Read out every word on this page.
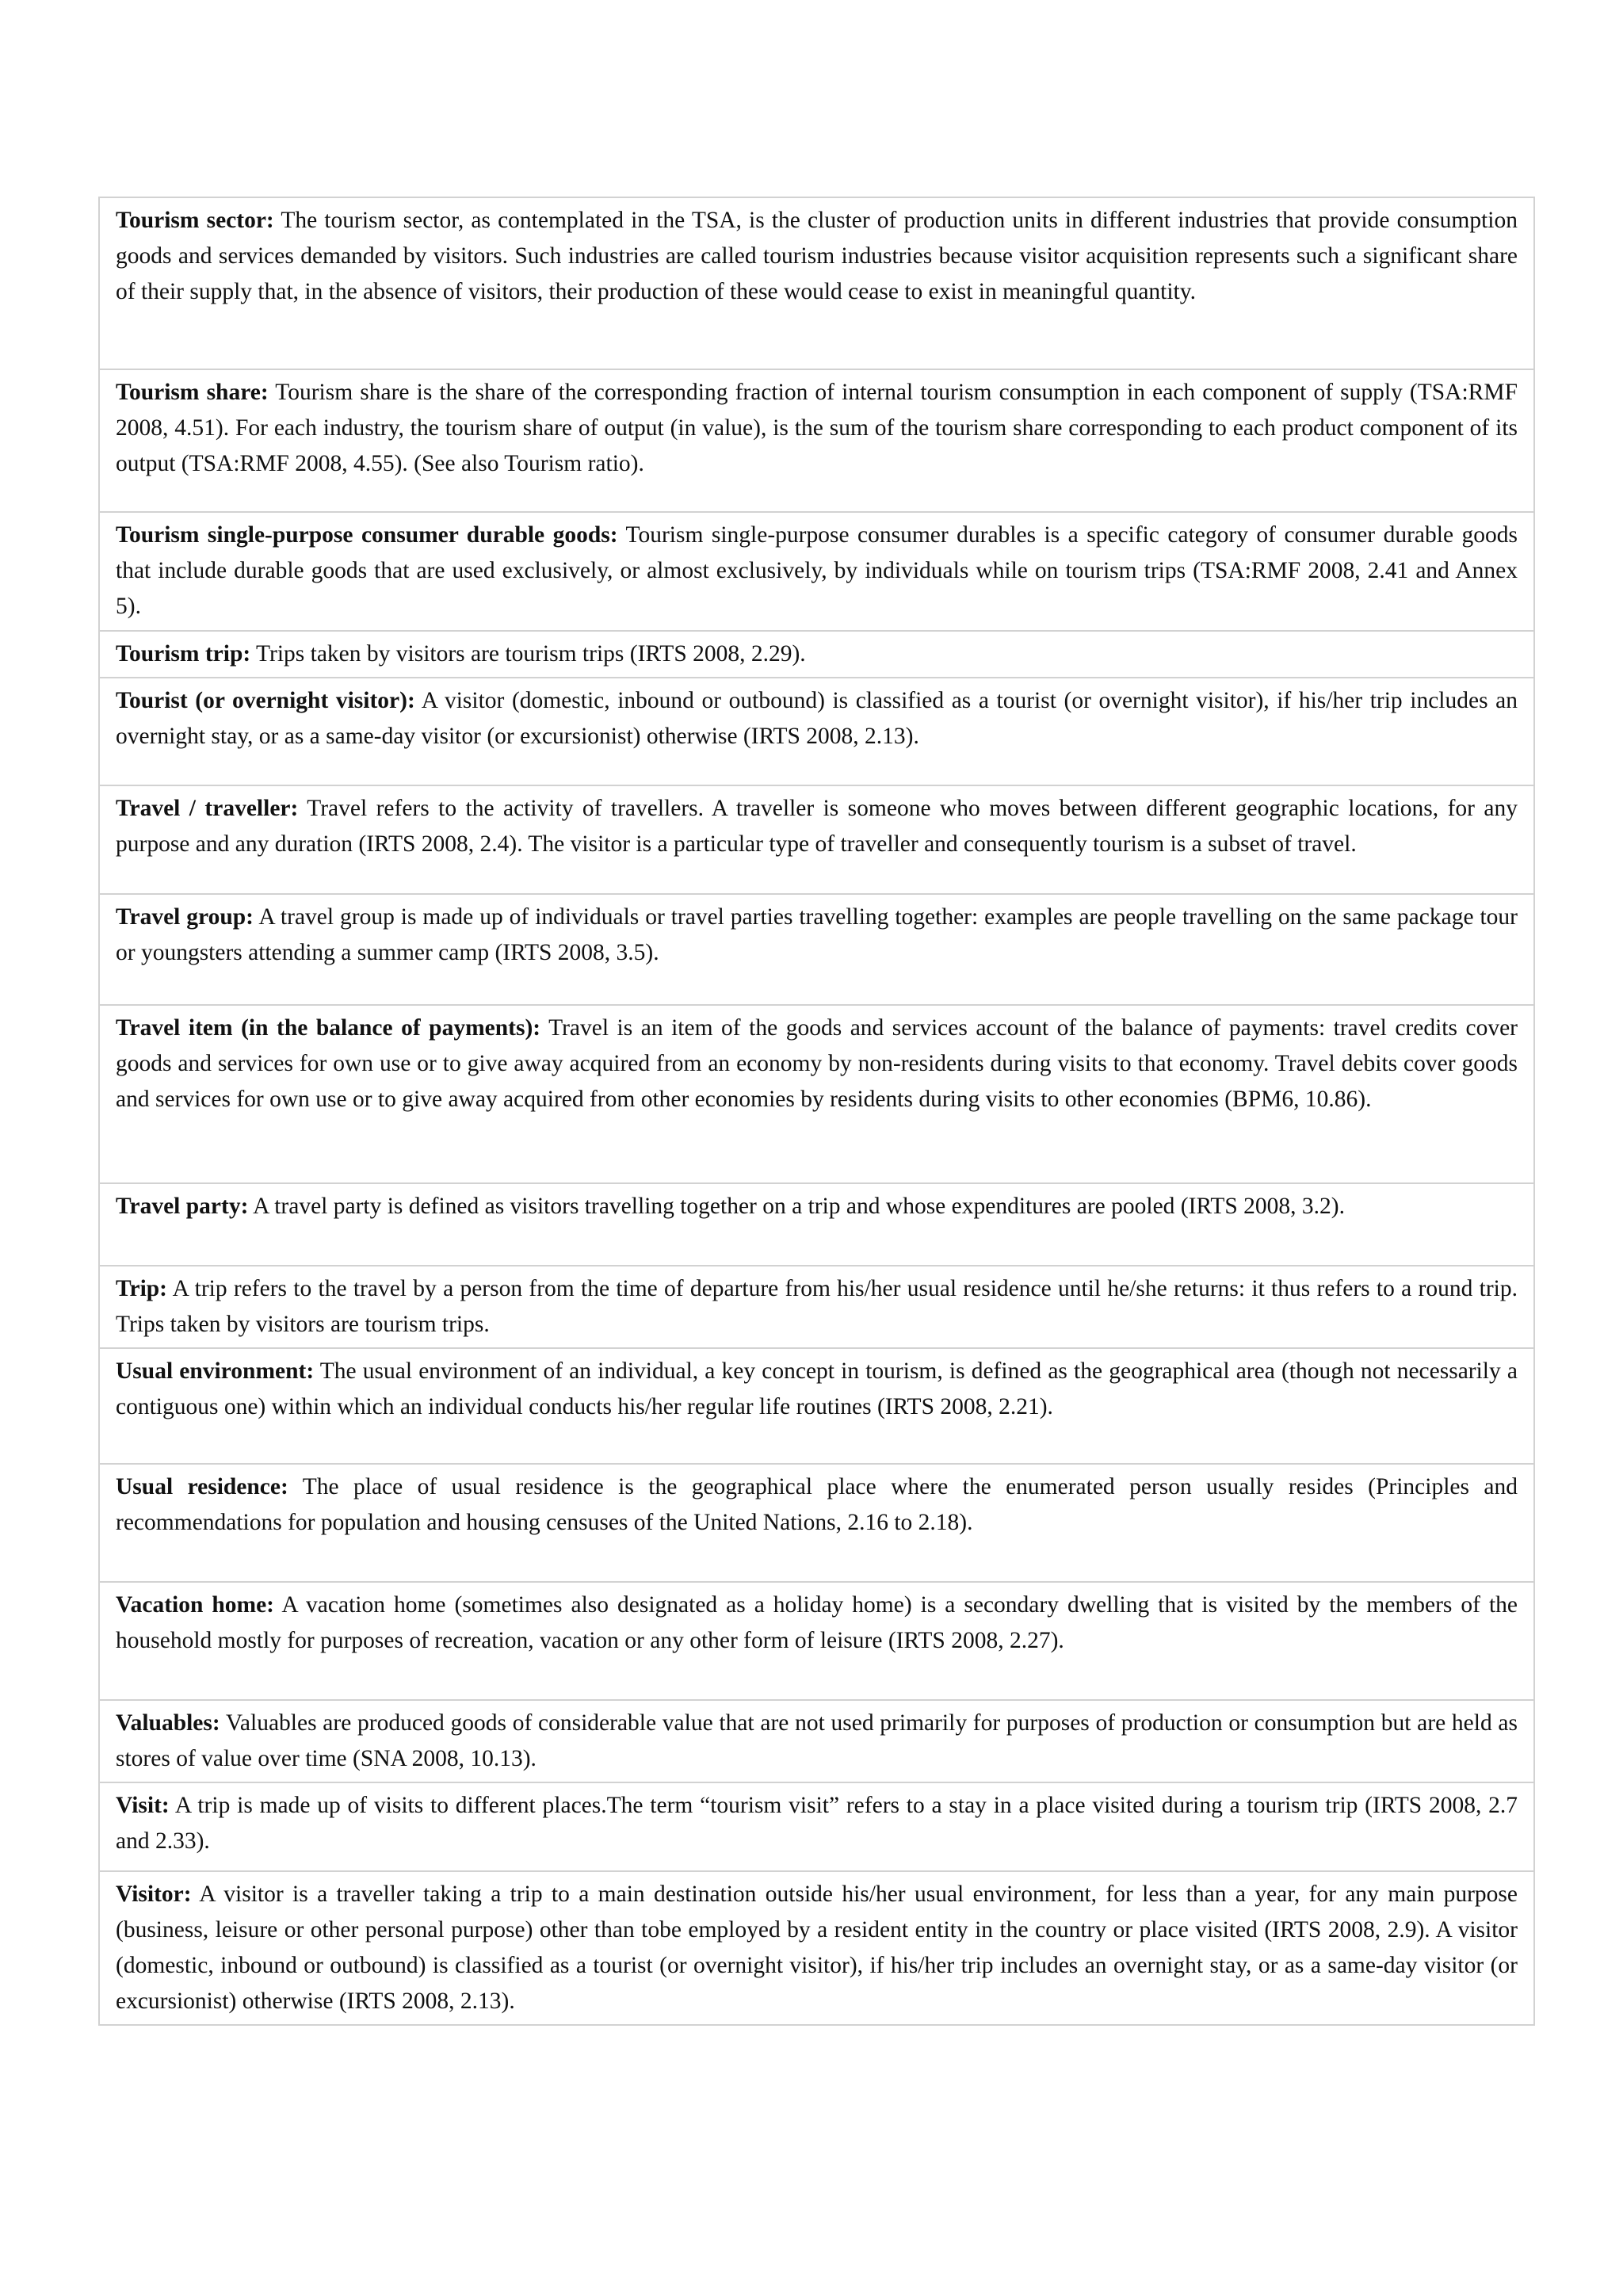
Tourism sector: The tourism sector, as contemplated in the TSA, is the cluster of production units in different industries that provide consumption goods and services demanded by visitors. Such industries are called tourism industries because visitor acquisition represents such a significant share of their supply that, in the absence of visitors, their production of these would cease to exist in meaningful quantity.
Tourism share: Tourism share is the share of the corresponding fraction of internal tourism consumption in each component of supply (TSA:RMF 2008, 4.51). For each industry, the tourism share of output (in value), is the sum of the tourism share corresponding to each product component of its output (TSA:RMF 2008, 4.55). (See also Tourism ratio).
Tourism single-purpose consumer durable goods: Tourism single-purpose consumer durables is a specific category of consumer durable goods that include durable goods that are used exclusively, or almost exclusively, by individuals while on tourism trips (TSA:RMF 2008, 2.41 and Annex 5).
Tourism trip: Trips taken by visitors are tourism trips (IRTS 2008, 2.29).
Tourist (or overnight visitor): A visitor (domestic, inbound or outbound) is classified as a tourist (or overnight visitor), if his/her trip includes an overnight stay, or as a same-day visitor (or excursionist) otherwise (IRTS 2008, 2.13).
Travel / traveller: Travel refers to the activity of travellers. A traveller is someone who moves between different geographic locations, for any purpose and any duration (IRTS 2008, 2.4). The visitor is a particular type of traveller and consequently tourism is a subset of travel.
Travel group: A travel group is made up of individuals or travel parties travelling together: examples are people travelling on the same package tour or youngsters attending a summer camp (IRTS 2008, 3.5).
Travel item (in the balance of payments): Travel is an item of the goods and services account of the balance of payments: travel credits cover goods and services for own use or to give away acquired from an economy by non-residents during visits to that economy. Travel debits cover goods and services for own use or to give away acquired from other economies by residents during visits to other economies (BPM6, 10.86).
Travel party: A travel party is defined as visitors travelling together on a trip and whose expenditures are pooled (IRTS 2008, 3.2).
Trip: A trip refers to the travel by a person from the time of departure from his/her usual residence until he/she returns: it thus refers to a round trip. Trips taken by visitors are tourism trips.
Usual environment: The usual environment of an individual, a key concept in tourism, is defined as the geographical area (though not necessarily a contiguous one) within which an individual conducts his/her regular life routines (IRTS 2008, 2.21).
Usual residence: The place of usual residence is the geographical place where the enumerated person usually resides (Principles and recommendations for population and housing censuses of the United Nations, 2.16 to 2.18).
Vacation home: A vacation home (sometimes also designated as a holiday home) is a secondary dwelling that is visited by the members of the household mostly for purposes of recreation, vacation or any other form of leisure (IRTS 2008, 2.27).
Valuables: Valuables are produced goods of considerable value that are not used primarily for purposes of production or consumption but are held as stores of value over time (SNA 2008, 10.13).
Visit: A trip is made up of visits to different places.The term “tourism visit” refers to a stay in a place visited during a tourism trip (IRTS 2008, 2.7 and 2.33).
Visitor: A visitor is a traveller taking a trip to a main destination outside his/her usual environment, for less than a year, for any main purpose (business, leisure or other personal purpose) other than tobe employed by a resident entity in the country or place visited (IRTS 2008, 2.9). A visitor (domestic, inbound or outbound) is classified as a tourist (or overnight visitor), if his/her trip includes an overnight stay, or as a same-day visitor (or excursionist) otherwise (IRTS 2008, 2.13).
